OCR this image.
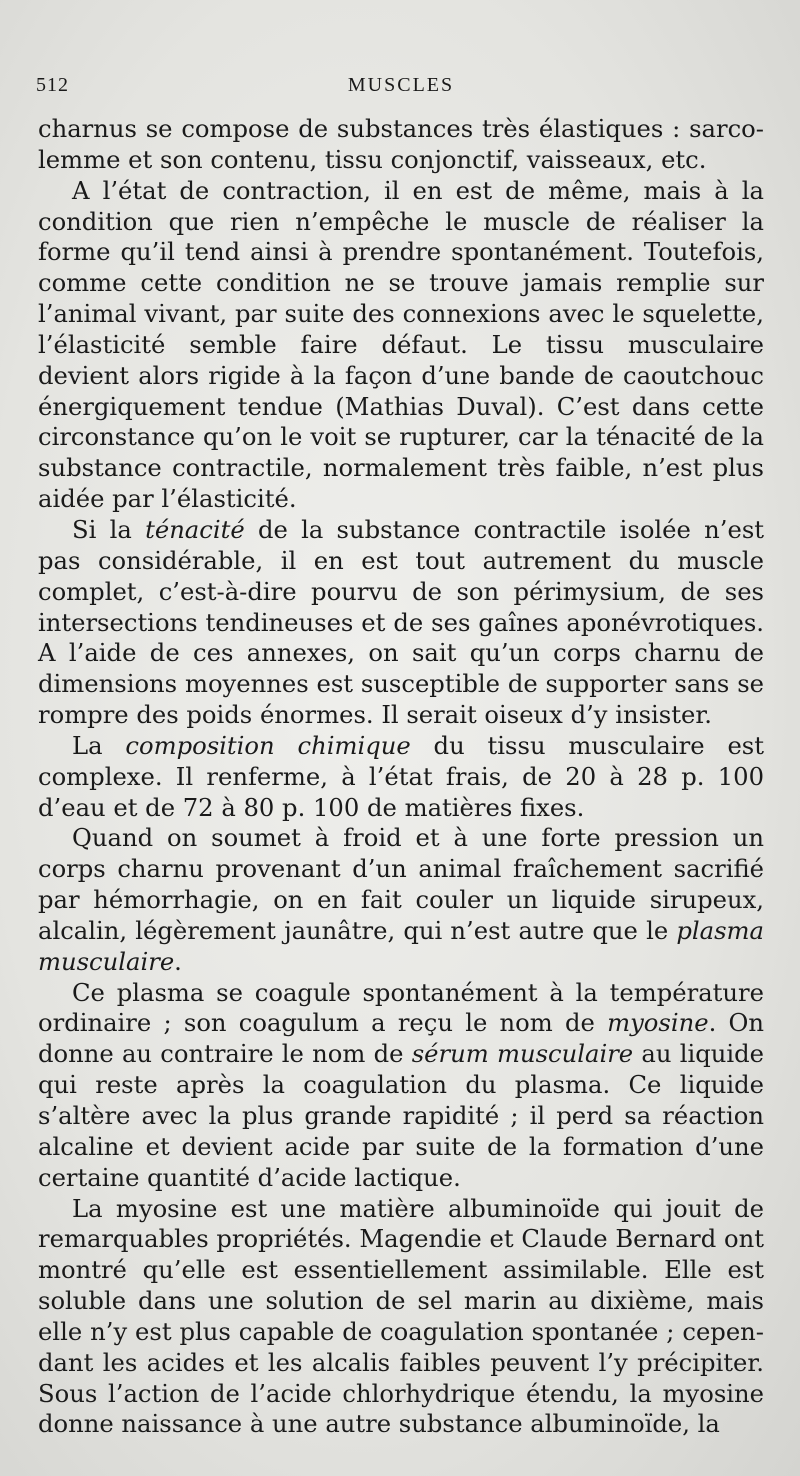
512	MUSCLES

charnus se compose de substances très élastiques : sarcolemme et son contenu, tissu conjonctif, vaisseaux, etc.

A l’état de contraction, il en est de même, mais à la condition que rien n’empêche le muscle de réaliser la forme qu’il tend ainsi à prendre spontanément. Toutefois, comme cette condition ne se trouve jamais remplie sur l’animal vivant, par suite des connexions avec le squelette, l’élasticité semble faire défaut. Le tissu musculaire devient alors rigide à la façon d’une bande de caoutchouc énergiquement tendue (Mathias Duval). C’est dans cette circonstance qu’on le voit se rupturer, car la ténacité de la substance contractile, normalement très faible, n’est plus aidée par l’élasticité.

Si la ténacité de la substance contractile isolée n’est pas considérable, il en est tout autrement du muscle complet, c’est-à-dire pourvu de son périmysium, de ses intersections tendineuses et de ses gaînes aponévrotiques. A l’aide de ces annexes, on sait qu’un corps charnu de dimensions moyennes est susceptible de supporter sans se rompre des poids énormes. Il serait oiseux d’y insister.

La composition chimique du tissu musculaire est complexe. Il renferme, à l’état frais, de 20 à 28 p. 100 d’eau et de 72 à 80 p. 100 de matières fixes.

Quand on soumet à froid et à une forte pression un corps charnu provenant d’un animal fraîchement sacrifié par hémorrhagie, on en fait couler un liquide sirupeux, alcalin, légèrement jaunâtre, qui n’est autre que le plasma musculaire.

Ce plasma se coagule spontanément à la température ordinaire ; son coagulum a reçu le nom de myosine. On donne au contraire le nom de sérum musculaire au liquide qui reste après la coagulation du plasma. Ce liquide s’altère avec la plus grande rapidité ; il perd sa réaction alcaline et devient acide par suite de la formation d’une certaine quantité d’acide lactique.

La myosine est une matière albuminoïde qui jouit de remarquables propriétés. Magendie et Claude Bernard ont montré qu’elle est essentiellement assimilable. Elle est soluble dans une solution de sel marin au dixième, mais elle n’y est plus capable de coagulation spontanée ; cependant les acides et les alcalis faibles peuvent l’y précipiter. Sous l’action de l’acide chlorhydrique étendu, la myosine donne naissance à une autre substance albuminoïde, la
